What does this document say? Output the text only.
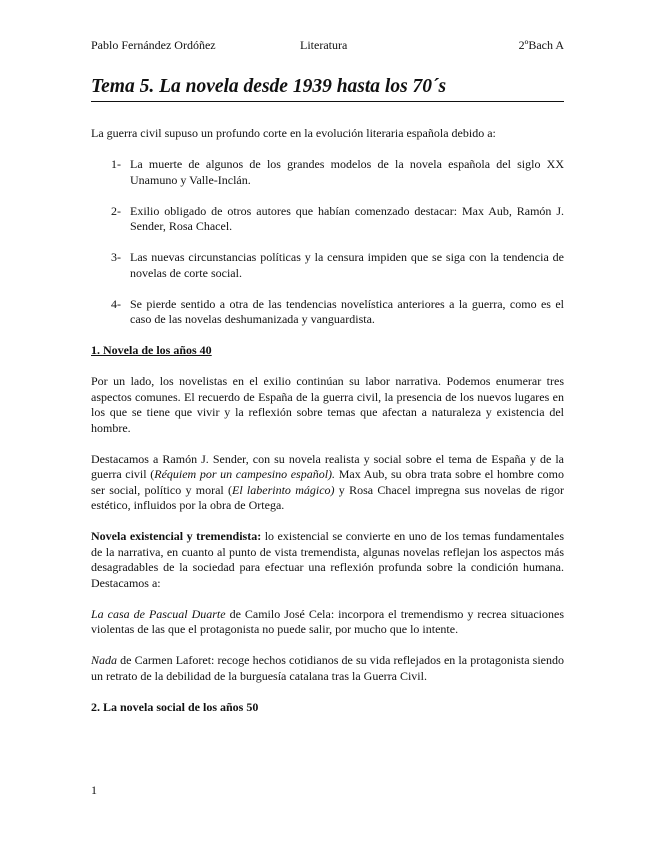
Pablo Fernández Ordóñez	Literatura	2ºBach A
Tema 5. La novela desde 1939 hasta los 70´s

La guerra civil supuso un profundo corte en la evolución literaria española debido a:

1- La muerte de algunos de los grandes modelos de la novela española del siglo XX Unamuno y Valle-Inclán.
2- Exilio obligado de otros autores que habían comenzado destacar: Max Aub, Ramón J. Sender, Rosa Chacel.
3- Las nuevas circunstancias políticas y la censura impiden que se siga con la tendencia de novelas de corte social.
4- Se pierde sentido a otra de las tendencias novelística anteriores a la guerra, como es el caso de las novelas deshumanizada y vanguardista.
1. Novela de los años 40

Por un lado, los novelistas en el exilio continúan su labor narrativa. Podemos enumerar tres aspectos comunes. El recuerdo de España de la guerra civil, la presencia de los nuevos lugares en los que se tiene que vivir y la reflexión sobre temas que afectan a naturaleza y existencia del hombre.

Destacamos a Ramón J. Sender, con su novela realista y social sobre el tema de España y de la guerra civil (Réquiem por un campesino español). Max Aub, su obra trata sobre el hombre como ser social, político y moral (El laberinto mágico) y Rosa Chacel impregna sus novelas de rigor estético, influidos por la obra de Ortega.

Novela existencial y tremendista: lo existencial se convierte en uno de los temas fundamentales de la narrativa, en cuanto al punto de vista tremendista, algunas novelas reflejan los aspectos más desagradables de la sociedad para efectuar una reflexión profunda sobre la condición humana. Destacamos a:

La casa de Pascual Duarte de Camilo José Cela: incorpora el tremendismo y recrea situaciones violentas de las que el protagonista no puede salir, por mucho que lo intente.

Nada de Carmen Laforet: recoge hechos cotidianos de su vida reflejados en la protagonista siendo un retrato de la debilidad de la burguesía catalana tras la Guerra Civil.

2. La novela social de los años 50
1
